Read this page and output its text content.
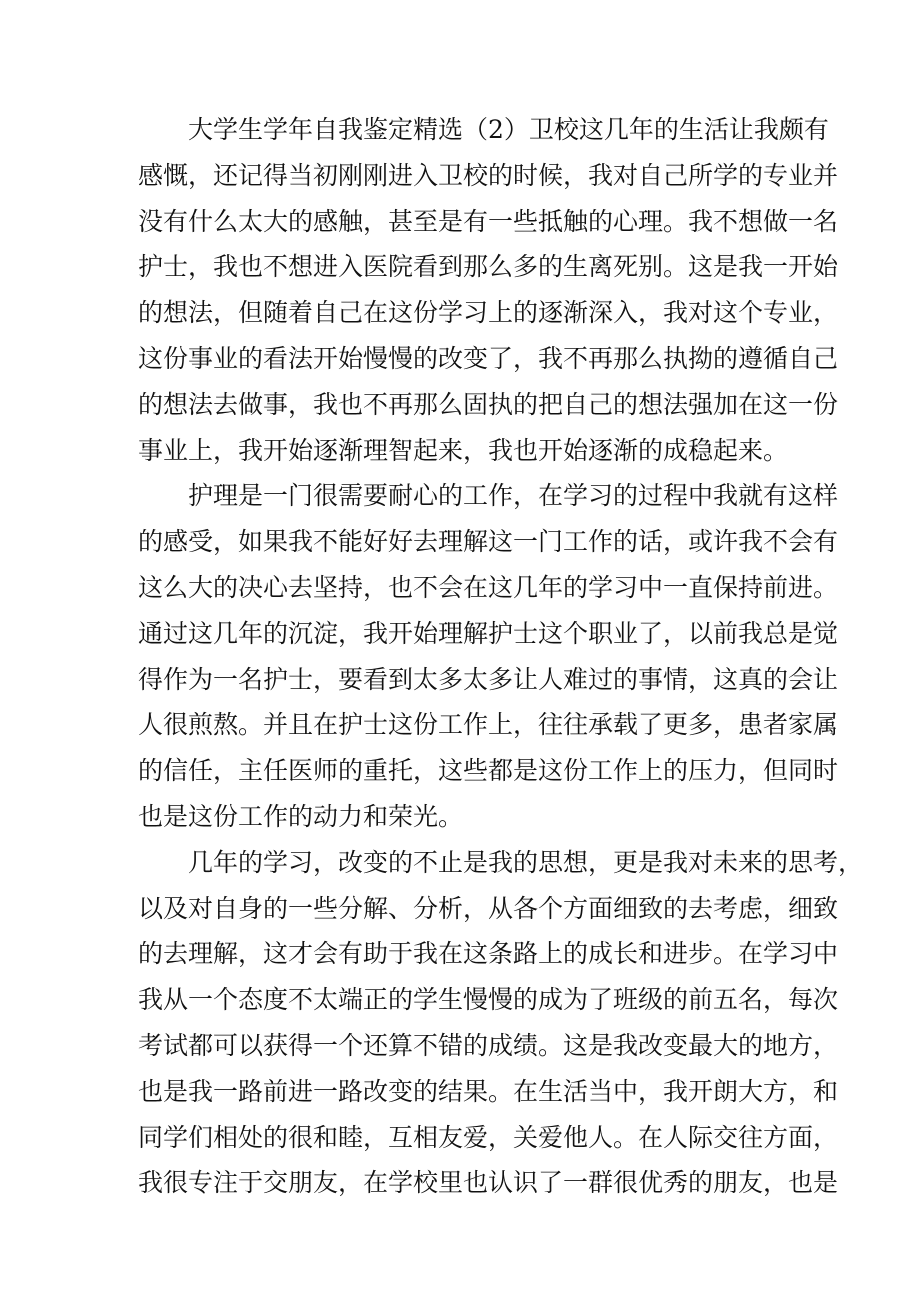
大学生学年自我鉴定精选（2）卫校这几年的生活让我颇有
感慨，还记得当初刚刚进入卫校的时候，我对自己所学的专业并
没有什么太大的感触，甚至是有一些抵触的心理。我不想做一名
护士，我也不想进入医院看到那么多的生离死别。这是我一开始
的想法，但随着自己在这份学习上的逐渐深入，我对这个专业，
这份事业的看法开始慢慢的改变了，我不再那么执拗的遵循自己
的想法去做事，我也不再那么固执的把自己的想法强加在这一份
事业上，我开始逐渐理智起来，我也开始逐渐的成稳起来。
护理是一门很需要耐心的工作，在学习的过程中我就有这样
的感受，如果我不能好好去理解这一门工作的话，或许我不会有
这么大的决心去坚持，也不会在这几年的学习中一直保持前进。
通过这几年的沉淀，我开始理解护士这个职业了，以前我总是觉
得作为一名护士，要看到太多太多让人难过的事情，这真的会让
人很煎熬。并且在护士这份工作上，往往承载了更多，患者家属
的信任，主任医师的重托，这些都是这份工作上的压力，但同时
也是这份工作的动力和荣光。
几年的学习，改变的不止是我的思想，更是我对未来的思考，
以及对自身的一些分解、分析，从各个方面细致的去考虑，细致
的去理解，这才会有助于我在这条路上的成长和进步。在学习中
我从一个态度不太端正的学生慢慢的成为了班级的前五名，每次
考试都可以获得一个还算不错的成绩。这是我改变最大的地方，
也是我一路前进一路改变的结果。在生活当中，我开朗大方，和
同学们相处的很和睦，互相友爱，关爱他人。在人际交往方面，
我很专注于交朋友，在学校里也认识了一群很优秀的朋友，也是
